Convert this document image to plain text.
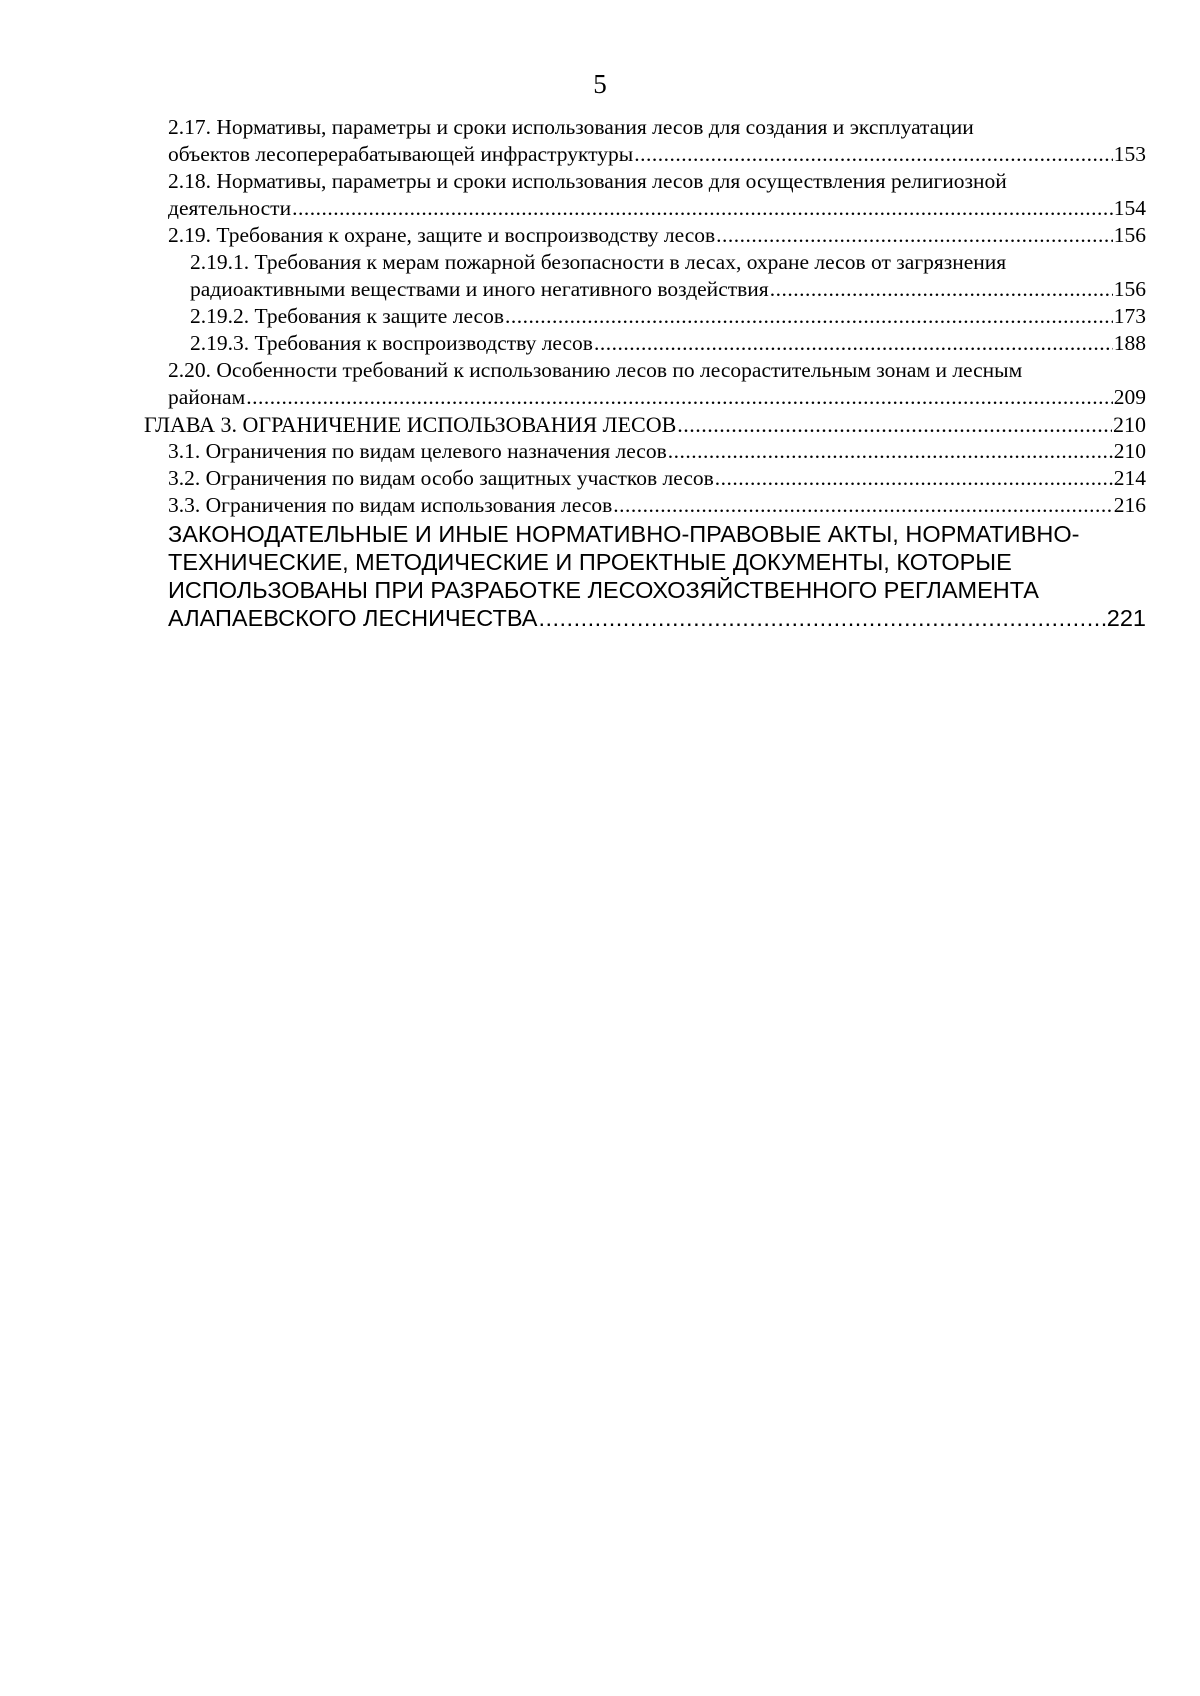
5
2.17. Нормативы, параметры и сроки использования лесов для создания и эксплуатации
объектов лесоперерабатывающей инфраструктуры .....	153
2.18. Нормативы, параметры и сроки использования лесов для осуществления религиозной
деятельности .....	154
2.19. Требования к охране, защите и воспроизводству лесов .....	156
2.19.1. Требования к мерам пожарной безопасности в лесах, охране лесов от загрязнения
радиоактивными веществами и иного негативного воздействия .....	156
2.19.2. Требования к защите лесов .....	173
2.19.3. Требования к воспроизводству лесов .....	188
2.20. Особенности требований к использованию лесов по лесорастительным зонам и лесным
районам .....	209
ГЛАВА 3. ОГРАНИЧЕНИЕ ИСПОЛЬЗОВАНИЯ ЛЕСОВ .....	210
3.1. Ограничения по видам целевого назначения лесов .....	210
3.2. Ограничения по видам особо защитных участков лесов .....	214
3.3. Ограничения по видам использования лесов .....	216
ЗАКОНОДАТЕЛЬНЫЕ И ИНЫЕ НОРМАТИВНО-ПРАВОВЫЕ АКТЫ, НОРМАТИВНО-ТЕХНИЧЕСКИЕ, МЕТОДИЧЕСКИЕ И ПРОЕКТНЫЕ ДОКУМЕНТЫ, КОТОРЫЕ ИСПОЛЬЗОВАНЫ ПРИ РАЗРАБОТКЕ ЛЕСОХОЗЯЙСТВЕННОГО РЕГЛАМЕНТА
АЛАПАЕВСКОГО ЛЕСНИЧЕСТВА .....	221
